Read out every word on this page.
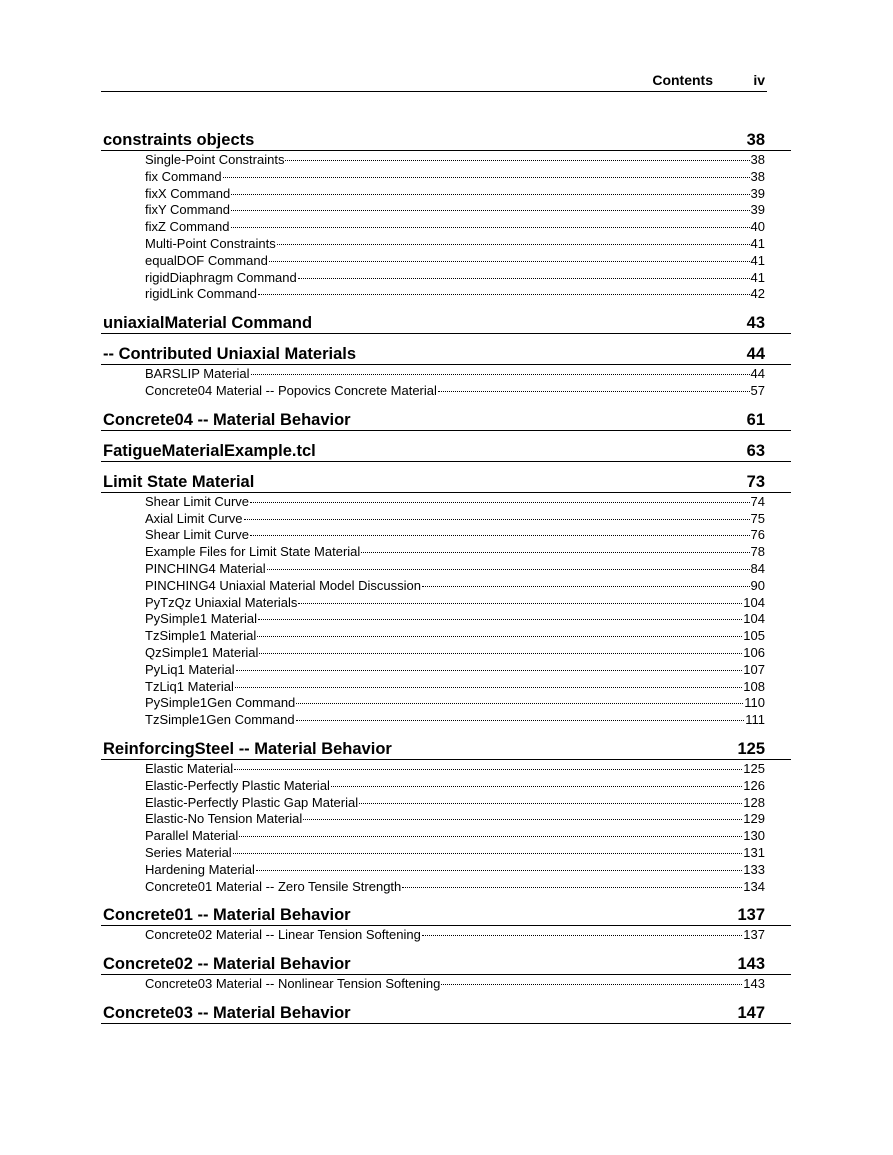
Contents	iv
constraints objects	38
Single-Point Constraints	38
fix Command	38
fixX Command	39
fixY Command	39
fixZ Command	40
Multi-Point Constraints	41
equalDOF Command	41
rigidDiaphragm Command	41
rigidLink Command	42
uniaxialMaterial Command	43
-- Contributed Uniaxial Materials	44
BARSLIP Material	44
Concrete04 Material -- Popovics Concrete Material	57
Concrete04 -- Material Behavior	61
FatigueMaterialExample.tcl	63
Limit State Material	73
Shear Limit Curve	74
Axial Limit Curve	75
Shear Limit Curve	76
Example Files for Limit State Material	78
PINCHING4 Material	84
PINCHING4 Uniaxial Material Model Discussion	90
PyTzQz Uniaxial Materials	104
PySimple1 Material	104
TzSimple1 Material	105
QzSimple1 Material	106
PyLiq1 Material	107
TzLiq1 Material	108
PySimple1Gen Command	110
TzSimple1Gen Command	111
ReinforcingSteel -- Material Behavior	125
Elastic Material	125
Elastic-Perfectly Plastic Material	126
Elastic-Perfectly Plastic Gap Material	128
Elastic-No Tension Material	129
Parallel Material	130
Series Material	131
Hardening Material	133
Concrete01 Material -- Zero Tensile Strength	134
Concrete01 -- Material Behavior	137
Concrete02 Material -- Linear Tension Softening	137
Concrete02 -- Material Behavior	143
Concrete03 Material -- Nonlinear Tension Softening	143
Concrete03 -- Material Behavior	147
